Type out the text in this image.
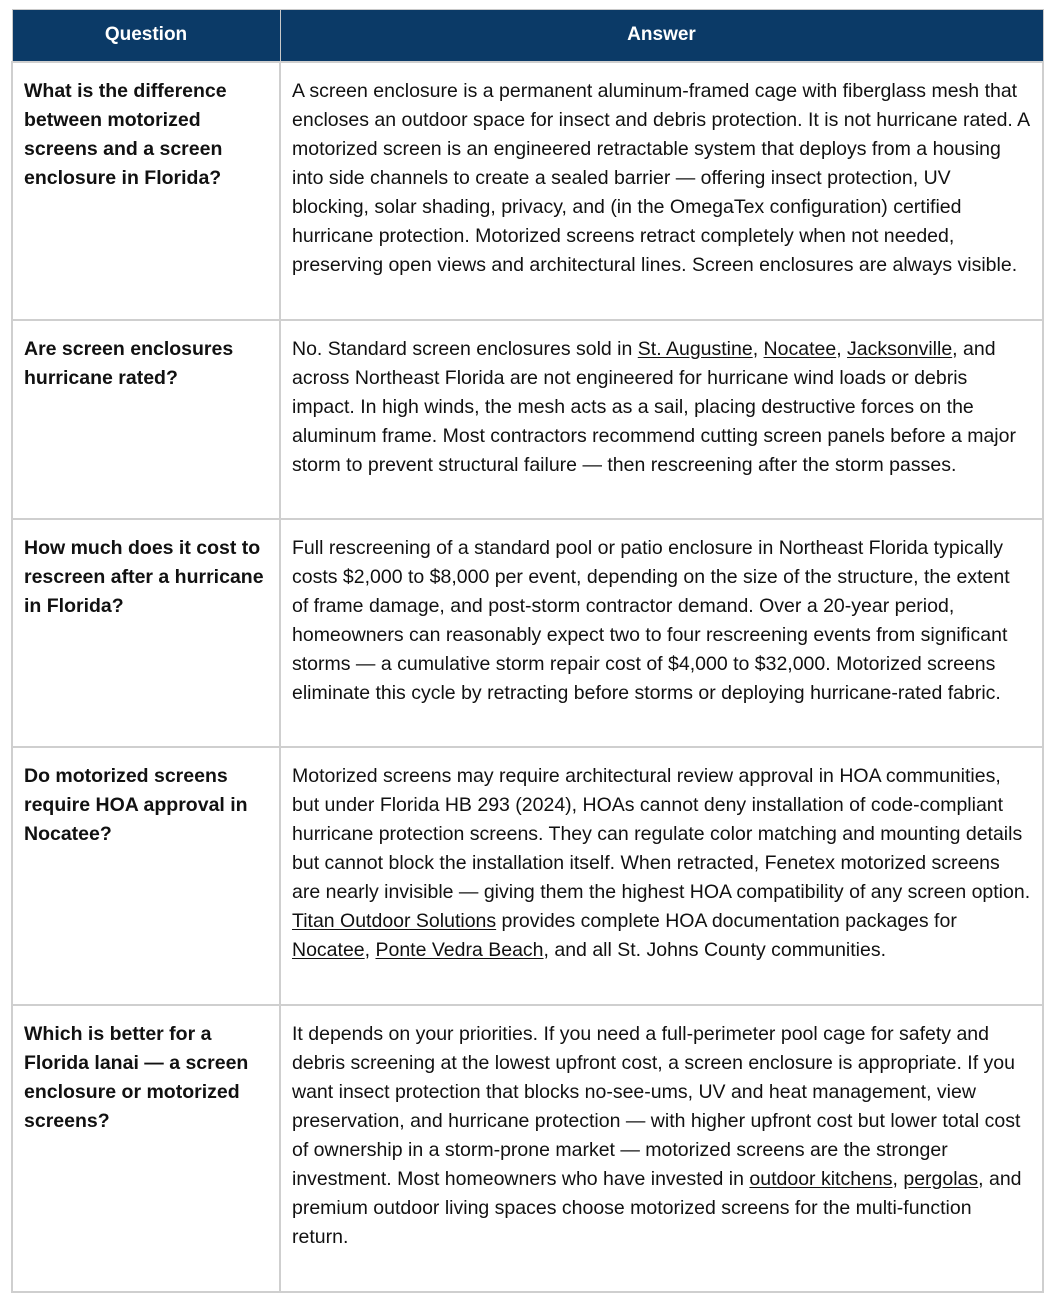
Question	Answer
What is the difference between motorized screens and a screen enclosure in Florida?	A screen enclosure is a permanent aluminum-framed cage with fiberglass mesh that encloses an outdoor space for insect and debris protection. It is not hurricane rated. A motorized screen is an engineered retractable system that deploys from a housing into side channels to create a sealed barrier — offering insect protection, UV blocking, solar shading, privacy, and (in the OmegaTex configuration) certified hurricane protection. Motorized screens retract completely when not needed, preserving open views and architectural lines. Screen enclosures are always visible.
Are screen enclosures hurricane rated?	No. Standard screen enclosures sold in St. Augustine, Nocatee, Jacksonville, and across Northeast Florida are not engineered for hurricane wind loads or debris impact. In high winds, the mesh acts as a sail, placing destructive forces on the aluminum frame. Most contractors recommend cutting screen panels before a major storm to prevent structural failure — then rescreening after the storm passes.
How much does it cost to rescreen after a hurricane in Florida?	Full rescreening of a standard pool or patio enclosure in Northeast Florida typically costs $2,000 to $8,000 per event, depending on the size of the structure, the extent of frame damage, and post-storm contractor demand. Over a 20-year period, homeowners can reasonably expect two to four rescreening events from significant storms — a cumulative storm repair cost of $4,000 to $32,000. Motorized screens eliminate this cycle by retracting before storms or deploying hurricane-rated fabric.
Do motorized screens require HOA approval in Nocatee?	Motorized screens may require architectural review approval in HOA communities, but under Florida HB 293 (2024), HOAs cannot deny installation of code-compliant hurricane protection screens. They can regulate color matching and mounting details but cannot block the installation itself. When retracted, Fenetex motorized screens are nearly invisible — giving them the highest HOA compatibility of any screen option. Titan Outdoor Solutions provides complete HOA documentation packages for Nocatee, Ponte Vedra Beach, and all St. Johns County communities.
Which is better for a Florida lanai — a screen enclosure or motorized screens?	It depends on your priorities. If you need a full-perimeter pool cage for safety and debris screening at the lowest upfront cost, a screen enclosure is appropriate. If you want insect protection that blocks no-see-ums, UV and heat management, view preservation, and hurricane protection — with higher upfront cost but lower total cost of ownership in a storm-prone market — motorized screens are the stronger investment. Most homeowners who have invested in outdoor kitchens, pergolas, and premium outdoor living spaces choose motorized screens for the multi-function return.
